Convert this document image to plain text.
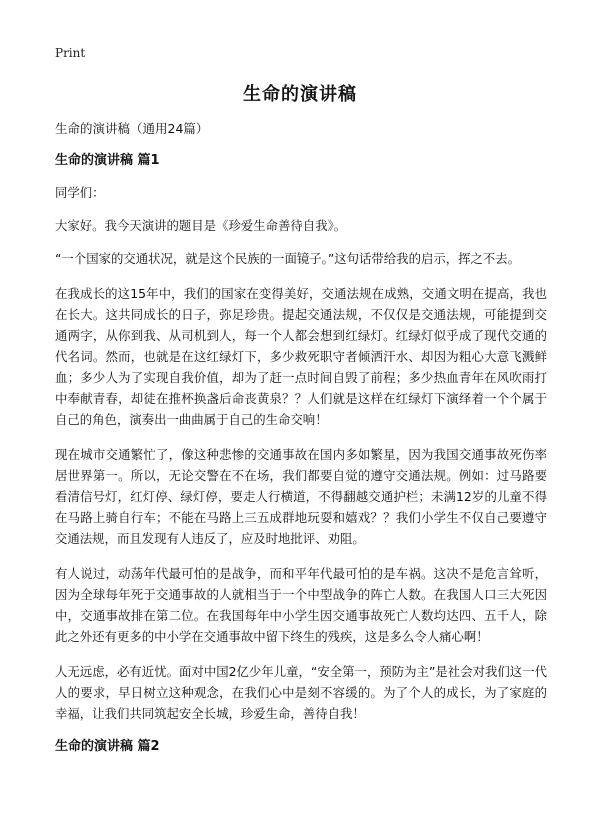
Print
生命的演讲稿

生命的演讲稿（通用24篇）

生命的演讲稿 篇1

同学们：

大家好。我今天演讲的题目是《珍爱生命善待自我》。

“一个国家的交通状况，就是这个民族的一面镜子。”这句话带给我的启示，挥之不去。

在我成长的这15年中，我们的国家在变得美好，交通法规在成熟，交通文明在提高，我也在长大。这共同成长的日子，弥足珍贵。提起交通法规，不仅仅是交通法规，可能提到交通两字，从你到我、从司机到人，每一个人都会想到红绿灯。红绿灯似乎成了现代交通的代名词。然而，也就是在这红绿灯下，多少救死职守者倾洒汗水、却因为粗心大意飞溅鲜血；多少人为了实现自我价值，却为了赶一点时间自毁了前程；多少热血青年在风吹雨打中奉献青春，却徒在推杯换盏后命丧黄泉？？人们就是这样在红绿灯下演绎着一个个属于自己的角色，演奏出一曲曲属于自己的生命交响！

现在城市交通繁忙了，像这种悲惨的交通事故在国内多如繁星，因为我国交通事故死伤率居世界第一。所以，无论交警在不在场，我们都要自觉的遵守交通法规。例如：过马路要看清信号灯，红灯停、绿灯停，要走人行横道，不得翻越交通护栏；未满12岁的儿童不得在马路上骑自行车；不能在马路上三五成群地玩耍和嬉戏？？我们小学生不仅自己要遵守交通法规，而且发现有人违反了，应及时地批评、劝阻。

有人说过，动荡年代最可怕的是战争，而和平年代最可怕的是车祸。这决不是危言耸听，因为全球每年死于交通事故的人就相当于一个中型战争的阵亡人数。在我国人口三大死因中，交通事故排在第二位。在我国每年中小学生因交通事故死亡人数均达四、五千人，除此之外还有更多的中小学在交通事故中留下终生的残疾，这是多么令人痛心啊！

人无远虑，必有近忧。面对中国2亿少年儿童，“安全第一，预防为主”是社会对我们这一代人的要求，早日树立这种观念，在我们心中是刻不容缓的。为了个人的成长，为了家庭的幸福，让我们共同筑起安全长城，珍爱生命，善待自我！

生命的演讲稿 篇2
